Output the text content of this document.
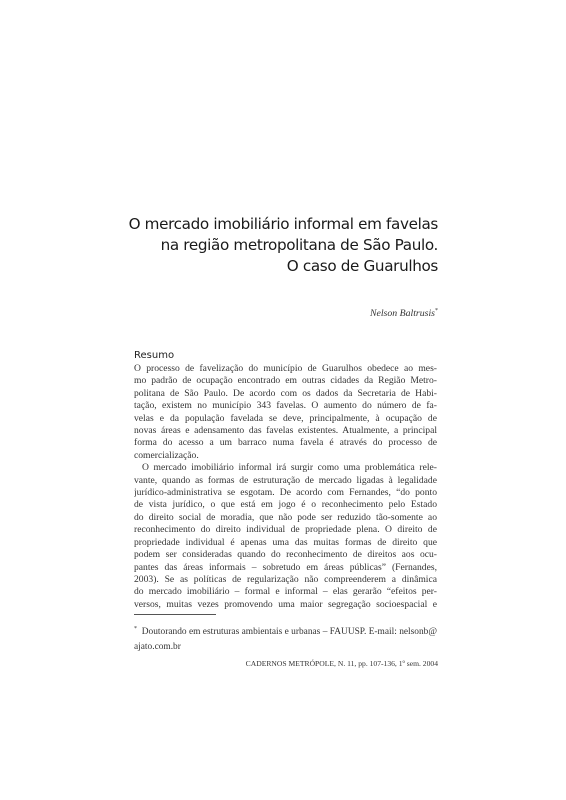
O mercado imobiliário informal em favelas
na região metropolitana de São Paulo.
O caso de Guarulhos
Nelson Baltrusis*
Resumo
O processo de favelização do município de Guarulhos obedece ao mes-
mo padrão de ocupação encontrado em outras cidades da Região Metro-
politana de São Paulo. De acordo com os dados da Secretaria de Habi-
tação, existem no município 343 favelas. O aumento do número de fa-
velas e da população favelada se deve, principalmente, à ocupação de
novas áreas e adensamento das favelas existentes. Atualmente, a principal
forma do acesso a um barraco numa favela é através do processo de
comercialização.
O mercado imobiliário informal irá surgir como uma problemática rele-
vante, quando as formas de estruturação de mercado ligadas à legalidade
jurídico-administrativa se esgotam. De acordo com Fernandes, “do ponto
de vista jurídico, o que está em jogo é o reconhecimento pelo Estado
do direito social de moradia, que não pode ser reduzido tão-somente ao
reconhecimento do direito individual de propriedade plena. O direito de
propriedade individual é apenas uma das muitas formas de direito que
podem ser consideradas quando do reconhecimento de direitos aos ocu-
pantes das áreas informais – sobretudo em áreas públicas” (Fernandes,
2003). Se as políticas de regularização não compreenderem a dinâmica
do mercado imobiliário – formal e informal – elas gerarão “efeitos per-
versos, muitas vezes promovendo uma maior segregação socioespacial e
* Doutorando em estruturas ambientais e urbanas – FAUUSP. E-mail: nelsonb@
ajato.com.br
CADERNOS METRÓPOLE, N. 11, pp. 107-136, 1º sem. 2004
